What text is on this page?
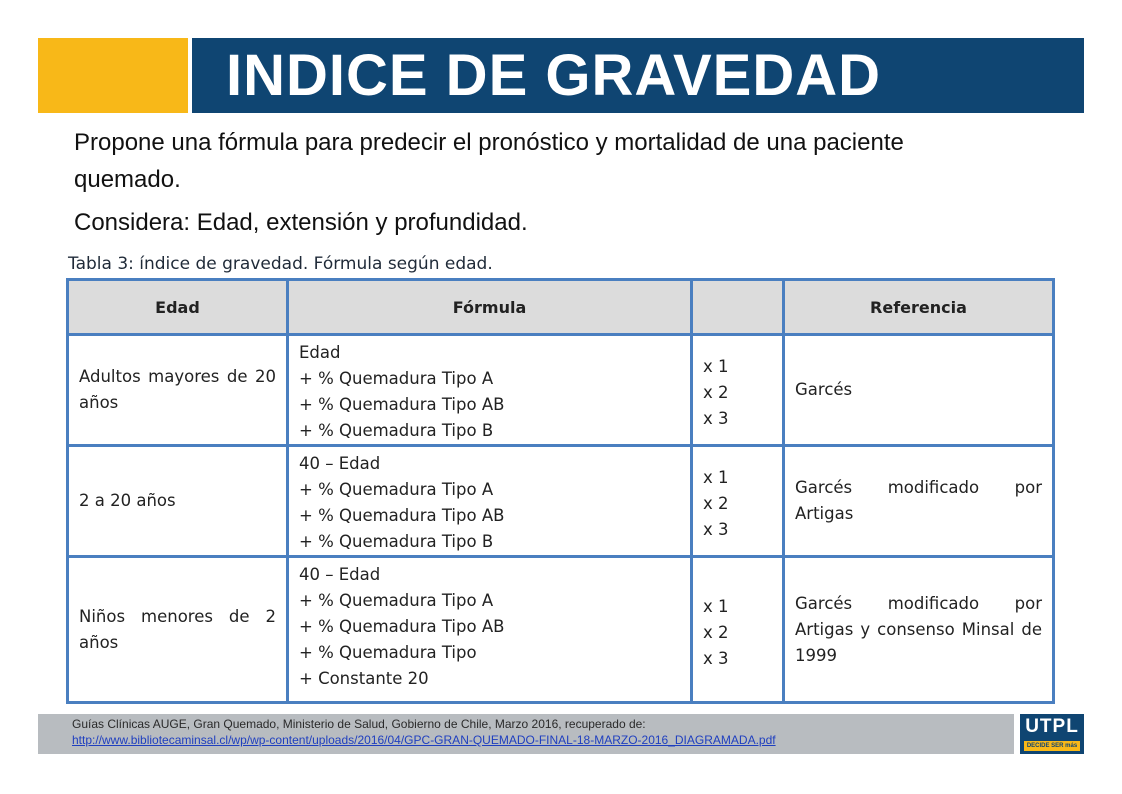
INDICE DE GRAVEDAD

Propone una fórmula para predecir el pronóstico y mortalidad de una paciente quemado.

Considera: Edad, extensión y profundidad.

Tabla 3: índice de gravedad. Fórmula según edad.
Edad	Fórmula		Referencia
Adultos mayores de 20 años	Edad
+ % Quemadura Tipo A
+ % Quemadura Tipo AB
+ % Quemadura Tipo B	x 1
x 2
x 3	Garcés
2 a 20 años	40 – Edad
+ % Quemadura Tipo A
+ % Quemadura Tipo AB
+ % Quemadura Tipo B	x 1
x 2
x 3	Garcés modificado por Artigas
Niños menores de 2 años	40 – Edad
+ % Quemadura Tipo A
+ % Quemadura Tipo AB
+ % Quemadura Tipo
+ Constante 20	x 1
x 2
x 3	Garcés modificado por Artigas y consenso Minsal de 1999
Guías Clínicas AUGE, Gran Quemado, Ministerio de Salud, Gobierno de Chile, Marzo 2016, recuperado de:
http://www.bibliotecaminsal.cl/wp/wp-content/uploads/2016/04/GPC-GRAN-QUEMADO-FINAL-18-MARZO-2016_DIAGRAMADA.pdf
UTPL
DECIDE SER más
